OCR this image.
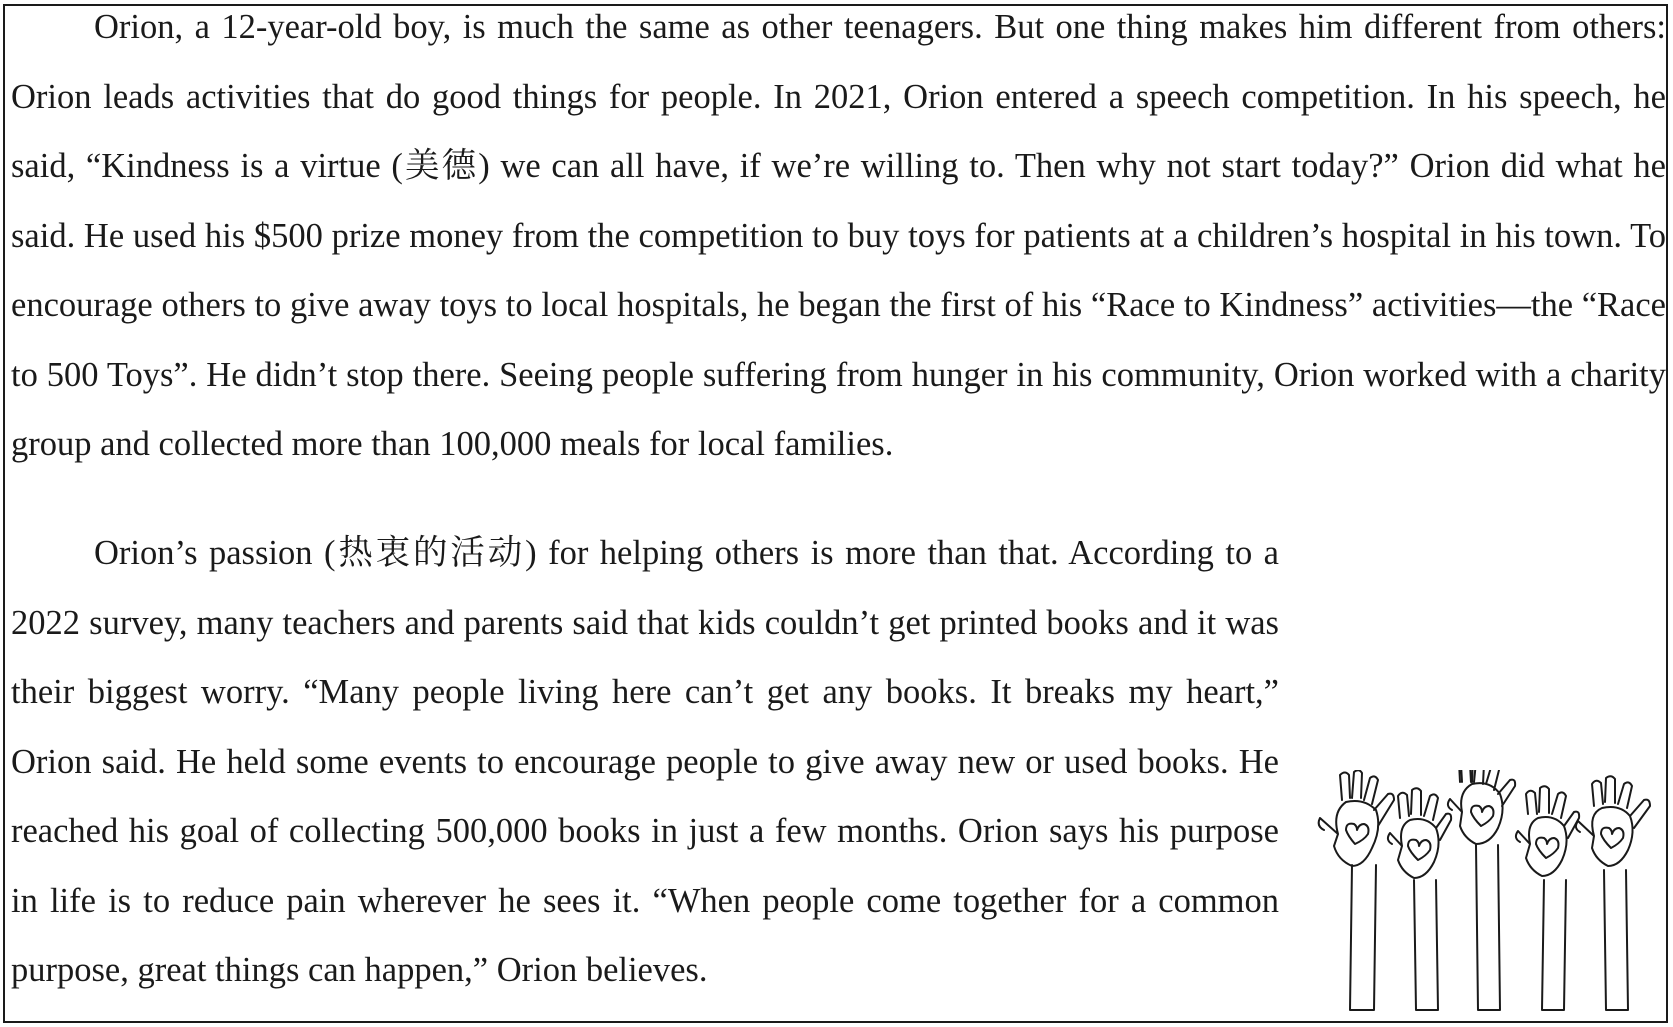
Orion, a 12-year-old boy, is much the same as other teenagers. But one thing makes him different from others: Orion leads activities that do good things for people. In 2021, Orion entered a speech competition. In his speech, he said, “Kindness is a virtue (美德) we can all have, if we’re willing to. Then why not start today?” Orion did what he said. He used his $500 prize money from the competition to buy toys for patients at a children’s hospital in his town. To encourage others to give away toys to local hospitals, he began the first of his “Race to Kindness” activities—the “Race to 500 Toys”. He didn’t stop there. Seeing people suffering from hunger in his community, Orion worked with a charity group and collected more than 100,000 meals for local families.

Orion’s passion (热衷的活动) for helping others is more than that. According to a 2022 survey, many teachers and parents said that kids couldn’t get printed books and it was their biggest worry. “Many people living here can’t get any books. It breaks my heart,” Orion said. He held some events to encourage people to give away new or used books. He reached his goal of collecting 500,000 books in just a few months. Orion says his purpose in life is to reduce pain wherever he sees it. “When people come together for a common purpose, great things can happen,” Orion believes.
